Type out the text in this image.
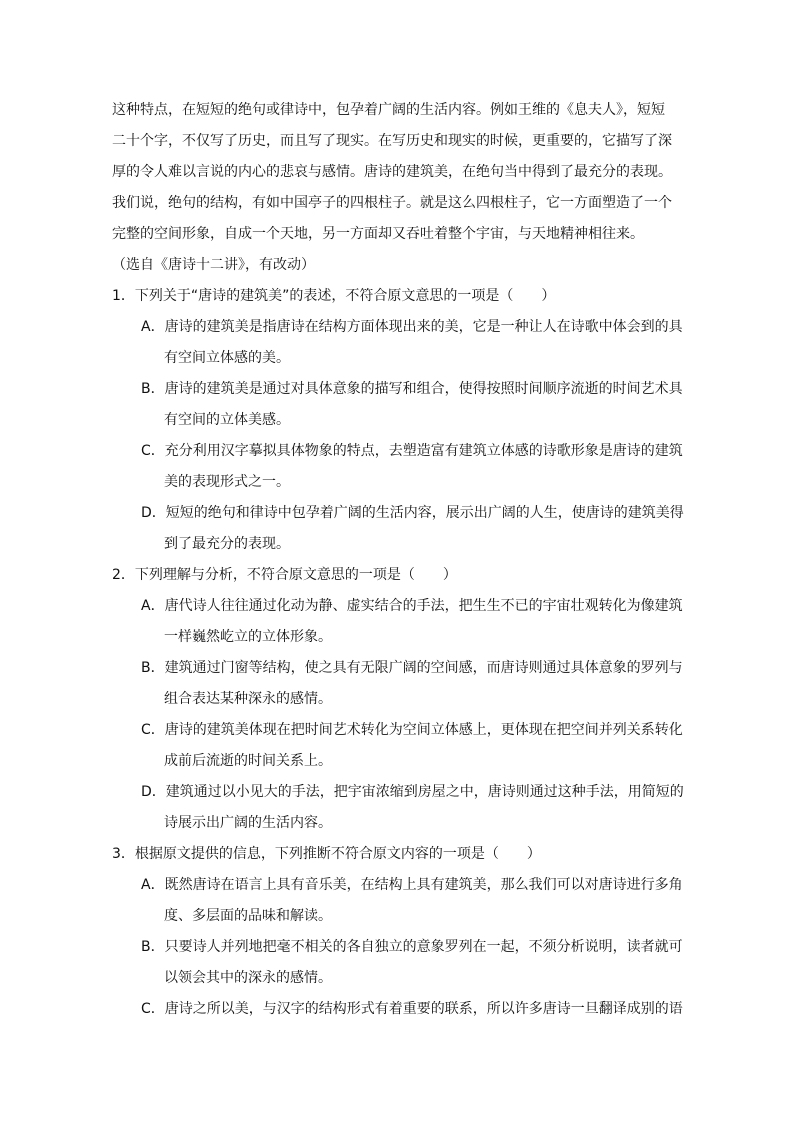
这种特点，在短短的绝句或律诗中，包孕着广阔的生活内容。例如王维的《息夫人》，短短
二十个字，不仅写了历史，而且写了现实。在写历史和现实的时候，更重要的，它描写了深
厚的令人难以言说的内心的悲哀与感情。唐诗的建筑美，在绝句当中得到了最充分的表现。
我们说，绝句的结构，有如中国亭子的四根柱子。就是这么四根柱子，它一方面塑造了一个
完整的空间形象，自成一个天地，另一方面却又吞吐着整个宇宙，与天地精神相往来。
（选自《唐诗十二讲》，有改动）
1．下列关于“唐诗的建筑美”的表述，不符合原文意思的一项是（　　）
A．唐诗的建筑美是指唐诗在结构方面体现出来的美，它是一种让人在诗歌中体会到的具
有空间立体感的美。
B．唐诗的建筑美是通过对具体意象的描写和组合，使得按照时间顺序流逝的时间艺术具
有空间的立体美感。
C．充分利用汉字摹拟具体物象的特点，去塑造富有建筑立体感的诗歌形象是唐诗的建筑
美的表现形式之一。
D．短短的绝句和律诗中包孕着广阔的生活内容，展示出广阔的人生，使唐诗的建筑美得
到了最充分的表现。
2．下列理解与分析，不符合原文意思的一项是（　　）
A．唐代诗人往往通过化动为静、虚实结合的手法，把生生不已的宇宙壮观转化为像建筑
一样巍然屹立的立体形象。
B．建筑通过门窗等结构，使之具有无限广阔的空间感，而唐诗则通过具体意象的罗列与
组合表达某种深永的感情。
C．唐诗的建筑美体现在把时间艺术转化为空间立体感上，更体现在把空间并列关系转化
成前后流逝的时间关系上。
D．建筑通过以小见大的手法，把宇宙浓缩到房屋之中，唐诗则通过这种手法，用简短的
诗展示出广阔的生活内容。
3．根据原文提供的信息，下列推断不符合原文内容的一项是（　　）
A．既然唐诗在语言上具有音乐美，在结构上具有建筑美，那么我们可以对唐诗进行多角
度、多层面的品味和解读。
B．只要诗人并列地把毫不相关的各自独立的意象罗列在一起，不须分析说明，读者就可
以领会其中的深永的感情。
C．唐诗之所以美，与汉字的结构形式有着重要的联系，所以许多唐诗一旦翻译成别的语
